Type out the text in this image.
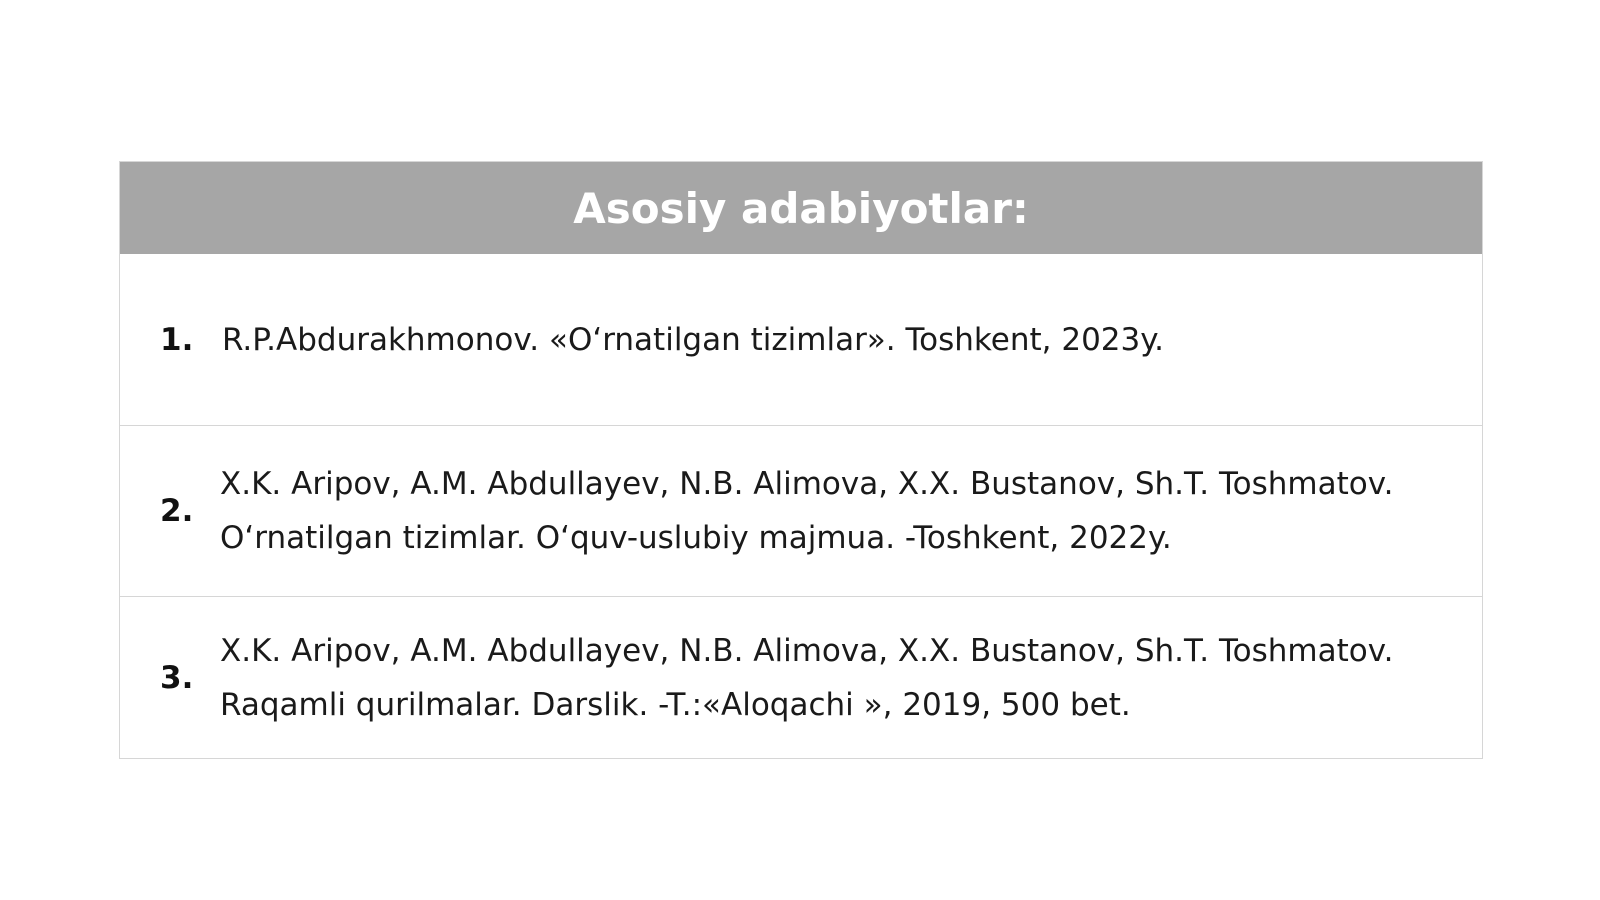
Asosiy adabiyotlar:
1. R.P.Abdurakhmonov. «O‘rnatilgan tizimlar». Toshkent, 2023y.
2.
X.K. Aripov, A.M. Abdullayev, N.B. Alimova, X.X. Bustanov, Sh.T. Toshmatov.
O‘rnatilgan tizimlar. O‘quv-uslubiy majmua. -Toshkent, 2022y.
3.
X.K. Aripov, A.M. Abdullayev, N.B. Alimova, X.X. Bustanov, Sh.T. Toshmatov.
Raqamli qurilmalar. Darslik. -T.:«Aloqachi », 2019, 500 bet.
